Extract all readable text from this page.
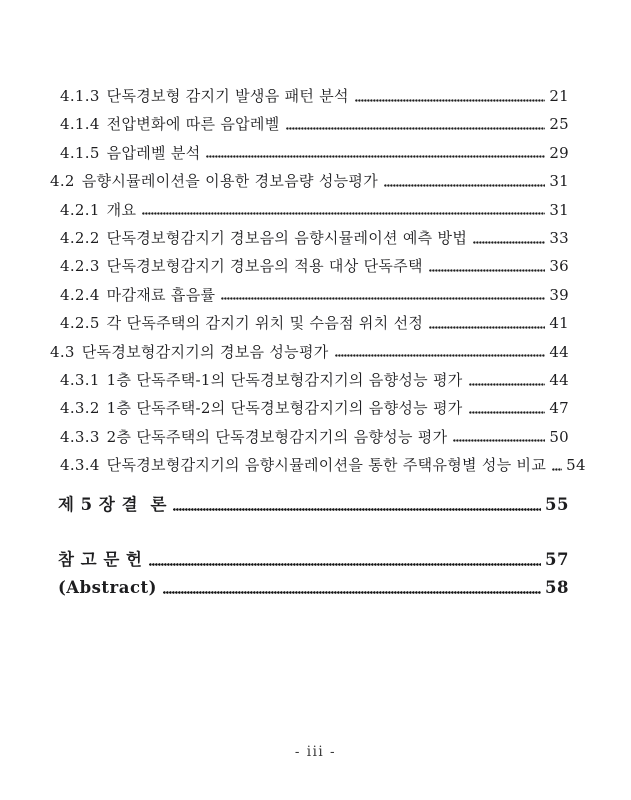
4.1.3 단독경보형 감지기 발생음 패턴 분석	21
4.1.4 전압변화에 따른 음압레벨	25
4.1.5 음압레벨 분석	29
4.2 음향시뮬레이션을 이용한 경보음량 성능평가	31
4.2.1 개요	31
4.2.2 단독경보형감지기 경보음의 음향시뮬레이션 예측 방법	33
4.2.3 단독경보형감지기 경보음의 적용 대상 단독주택	36
4.2.4 마감재료 흡음률	39
4.2.5 각 단독주택의 감지기 위치 및 수음점 위치 선정	41
4.3 단독경보형감지기의 경보음 성능평가	44
4.3.1 1층 단독주택-1의 단독경보형감지기의 음향성능 평가	44
4.3.2 1층 단독주택-2의 단독경보형감지기의 음향성능 평가	47
4.3.3 2층 단독주택의 단독경보형감지기의 음향성능 평가	50
4.3.4 단독경보형감지기의 음향시뮬레이션을 통한 주택유형별 성능 비교 54
제 5 장 결  론	55
참 고 문 헌	57
(Abstract)	58
- iii -
